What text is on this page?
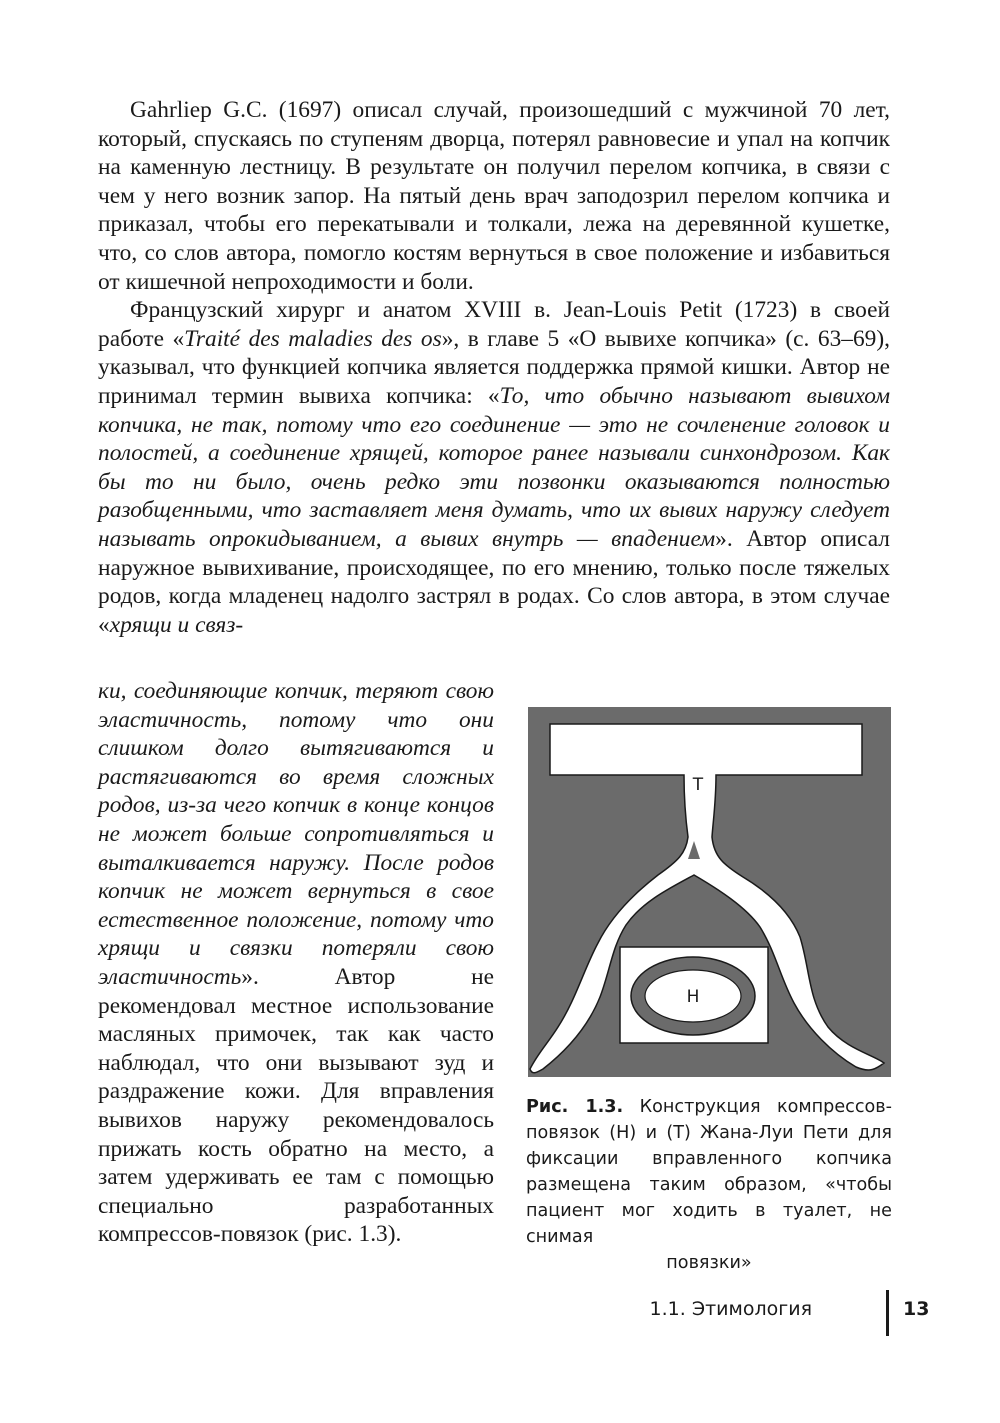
Gahrliep G.C. (1697) описал случай, произошедший с мужчиной 70 лет, который, спускаясь по ступеням дворца, потерял равновесие и упал на копчик на каменную лестницу. В результате он получил перелом копчика, в связи с чем у него возник запор. На пятый день врач заподозрил перелом копчика и приказал, чтобы его перекатывали и толкали, лежа на деревянной кушетке, что, со слов автора, помогло костям вернуться в свое положение и избавиться от кишечной непроходимости и боли.

Французский хирург и анатом XVIII в. Jean-Louis Petit (1723) в своей работе «Traité des maladies des os», в главе 5 «О вывихе копчика» (с. 63–69), указывал, что функцией копчика является поддержка прямой кишки. Автор не принимал термин вывиха копчика: «То, что обычно называют вывихом копчика, не так, потому что его соединение — это не сочленение головок и полостей, а соединение хрящей, которое ранее называли синхондрозом. Как бы то ни было, очень редко эти позвонки оказываются полностью разобщенными, что заставляет меня думать, что их вывих наружу следует называть опрокидыванием, а вывих внутрь — впадением». Автор описал наружное вывихивание, происходящее, по его мнению, только после тяжелых родов, когда младенец надолго застрял в родах. Со слов автора, в этом случае «хрящи и связ-

ки, соединяющие копчик, теряют свою эластичность, потому что они слишком долго вытягиваются и растягиваются во время сложных родов, из-за чего копчик в конце концов не может больше сопротивляться и выталкивается наружу. После родов копчик не может вернуться в свое естественное положение, потому что хрящи и связки потеряли свою эластичность». Автор не рекомендовал местное использование масляных примочек, так как часто наблюдал, что они вызывают зуд и раздражение кожи. Для вправления вывихов наружу рекомендовалось прижать кость обратно на место, а затем удерживать ее там с помощью специально разработанных компрессов-повязок (рис. 1.3).

Т
Н
Рис. 1.3. Конструкция компрессов-повязок (Н) и (Т) Жана-Луи Пети для фиксации вправленного копчика размещена таким образом, «чтобы пациент мог ходить в туалет, не снимая
повязки»
1.1. Этимология	13
